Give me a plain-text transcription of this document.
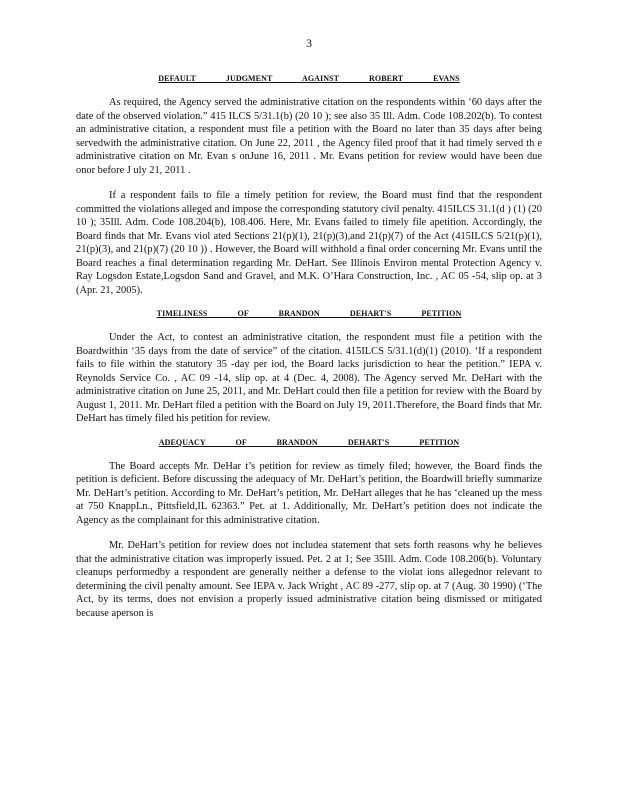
3
DEFAULT JUDGMENT AGAINST ROBERT EVANS

As required, the Agency served the administrative citation on the respondents within ‘60 days after the date of the observed violation.” 415 ILCS 5/31.1(b) (20 10 ); see also 35 Ill. Adm. Code 108.202(b). To contest an administrative citation, a respondent must file a petition with the Board no later than 35 days after being servedwith the administrative citation. On June 22, 2011 , the Agency filed proof that it had timely served th e administrative citation on Mr. Evan s onJune 16, 2011 . Mr. Evans petition for review would have been due onor before J uly 21, 2011 .

If a respondent fails to file a timely petition for review, the Board must find that the respondent committed the violations alleged and impose the corresponding statutory civil penalty. 415ILCS 31.1(d ) (1) (20 10 ); 35Ill. Adm. Code 108.204(b), 108.406. Here, Mr. Evans failed to timely file apetition. Accordingly, the Board finds that Mr. Evans viol ated Sections 21(p)(1), 21(p)(3),and 21(p)(7) of the Act (415ILCS 5/21(p)(1), 21(p)(3), and 21(p)(7) (20 10 )) . However, the Board will withhold a final order concerning Mr. Evans until the Board reaches a final determination regarding Mr. DeHart. See Illinois Environ mental Protection Agency v. Ray Logsdon Estate,Logsdon Sand and Gravel, and M.K. O’Hara Construction, Inc. , AC 05 -54, slip op. at 3 (Apr. 21, 2005).

TIMELINESS OF BRANDON DEHART'S PETITION

Under the Act, to contest an administrative citation, the respondent must file a petition with the Boardwithin ‘35 days from the date of service” of the citation. 415ILCS 5/31.1(d)(1) (2010). ‘If a respondent fails to file within the statutory 35 -day per iod, the Board lacks jurisdiction to hear the petition.” IEPA v. Reynolds Service Co. , AC 09 -14, slip op. at 4 (Dec. 4, 2008). The Agency served Mr. DeHart with the administrative citation on June 25, 2011, and Mr. DeHart could then file a petition for review with the Board by August 1, 2011. Mr. DeHart filed a petition with the Board on July 19, 2011.Therefore, the Board finds that Mr. DeHart has timely filed his petition for review.

ADEQUACY OF BRANDON DEHART'S PETITION

The Board accepts Mr. DeHar t’s petition for review as timely filed; however, the Board finds the petition is deficient. Before discussing the adequacy of Mr. DeHart’s petition, the Boardwill briefly summarize Mr. DeHart’s petition. According to Mr. DeHart’s petition, Mr. DeHart alleges that he has ‘cleaned up the mess at 750 KnappLn., Pittsfield,IL 62363.” Pet. at 1. Additionally, Mr. DeHart’s petition does not indicate the Agency as the complainant for this administrative citation.

Mr. DeHart’s petition for review does not includea statement that sets forth reasons why he believes that the administrative citation was improperly issued. Pet. 2 at 1; See 35Ill. Adm. Code 108.206(b). Voluntary cleanups performedby a respondent are generally neither a defense to the violat ions allegednor relevant to determining the civil penalty amount. See IEPA v. Jack Wright , AC 89 -277, slip op. at 7 (Aug. 30 1990) (‘The Act, by its terms, does not envision a properly issued administrative citation being dismissed or mitigated because aperson is
